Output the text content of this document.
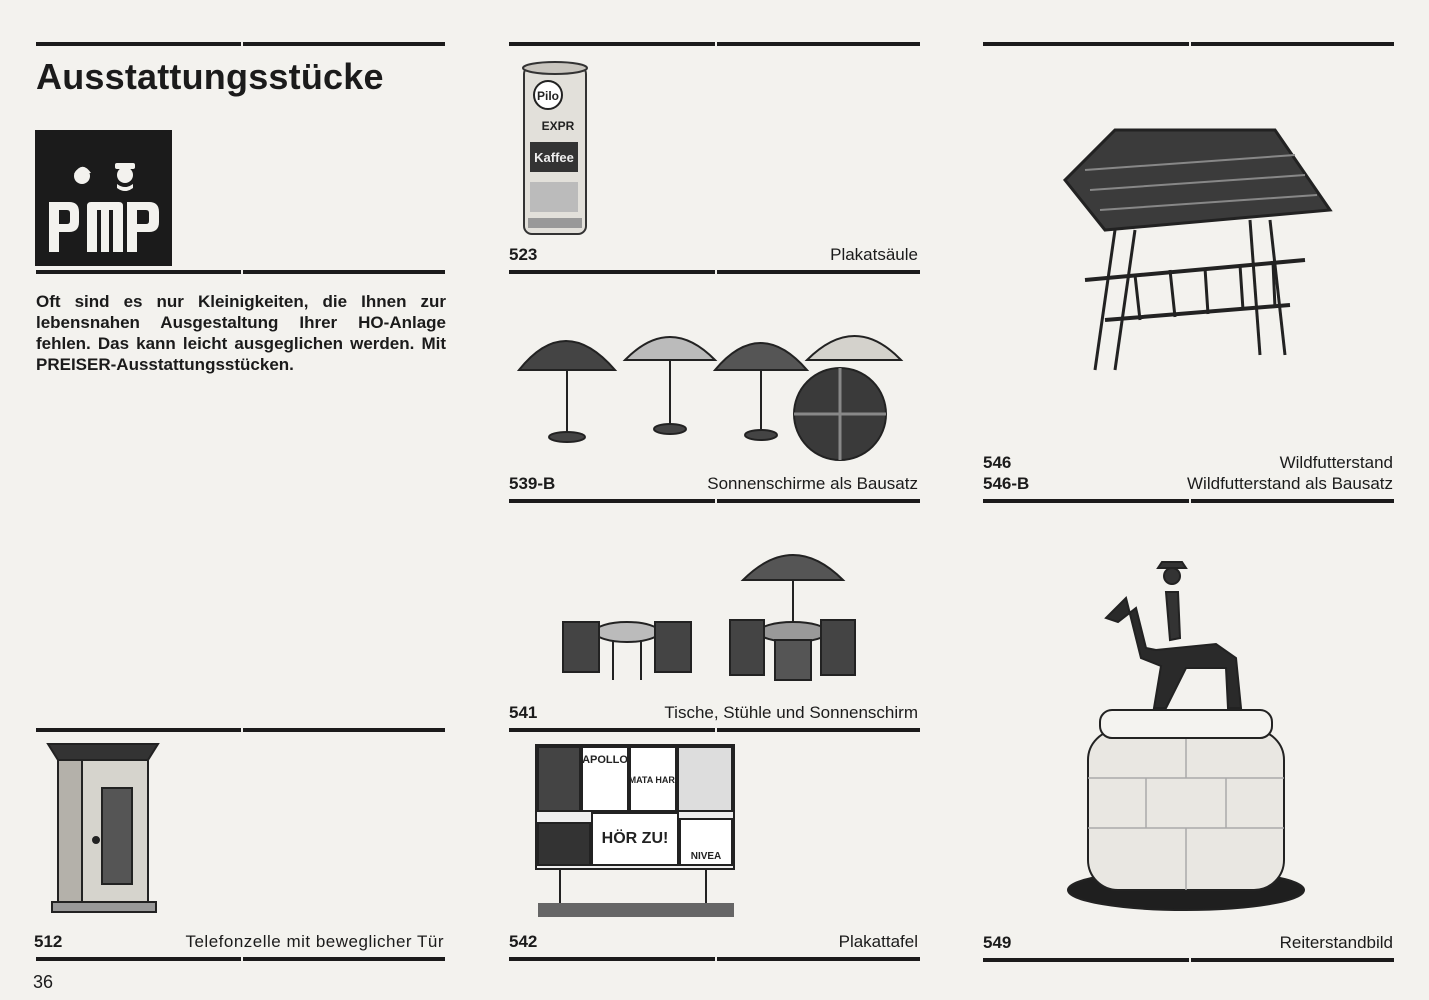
Ausstattungsstücke
Oft sind es nur Kleinigkeiten, die Ihnen zur lebensnahen Ausgestaltung Ihrer HO-Anlage fehlen. Das kann leicht ausgeglichen werden. Mit PREISER-Ausstattungsstücken.
Pilo
EXPR
Kaffee
523	Plakatsäule
539-B	Sonnenschirme als Bausatz
546	Wildfutterstand
546-B	Wildfutterstand als Bausatz
541	Tische, Stühle und Sonnenschirm
512	Telefonzelle mit beweglicher Tür
APOLLO
MATA HARI
HÖR ZU!
NIVEA
542	Plakattafel	549	Reiterstandbild
36
